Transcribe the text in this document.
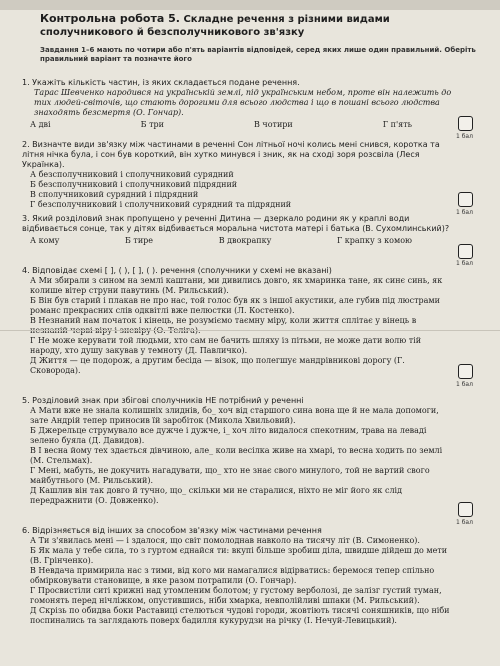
Контрольна робота 5. Складне речення з різними видами сполучникового й безсполучникового зв'язку
Завдання 1–6 мають по чотири або п'ять варіантів відповідей, серед яких лише один правильний. Оберіть правильний варіант та позначте його
1. Укажіть кількість частин, із яких складається подане речення.
Тарас Шевченко народився на українській землі, під українським небом, проте він належить до тих людей-світочів, що стають дорогими для всього людства і що в пошані всього людства знаходять безсмертя (О. Гончар).
А дві	Б три	В чотири	Г п'ять
1 бал
2. Визначте види зв'язку між частинами в реченні Сон літньої ночі колись мені снився, коротка та літня нічка була, і сон був короткий, він хутко минувся і зник, як на сході зоря розсвіла (Леся Українка).
А безсполучниковий і сполучниковий сурядний
Б безсполучниковий і сполучниковий підрядний
В сполучниковий сурядний і підрядний
Г безсполучниковий і сполучниковий сурядний та підрядний
1 бал
3. Який розділовий знак пропущено у реченні Дитина — дзеркало родини як у краплі води відбивається сонце, так у дітях відбивається моральна чистота матері і батька (В. Сухомлинський)?
А кому	Б тире	В двокрапку	Г крапку з комою
1 бал
4. Відповідає схемі [ ], ( ), [ ], ( ). речення (сполучники у схемі не вказані)
А Ми збирали з сином на землі каштани, ми дивились довго, як хмаринка тане, як синє синь, як колише вітер струни павутинь (М. Рильський).
Б Він був старий і плакав не про нас, той голос був як з іншої акустики, але губив під люстрами романс прекрасних слів одквітлі вже пелюстки (Л. Костенко).
В Незнаний нам початок і кінець, не розуміємо таємну мірy, коли життя сплітає у вінець в
Г Не може керувати той людьми, хто сам не бачить шляху із пітьми, не може дати волю тій народу, хто душу закував у темноту (Д. Павличко).
Д Життя — це подорож, а другим бесіда — візок, що полегшує мандрівникові дорогу (Г. Сковорода).
1 бал
5. Розділовий знак при збігові сполучників НЕ потрібний у реченні
А Мати вже не знала колишніх злиднів, бо_ хоч від старшого сина вона ще й не мала допомоги, зате Андрій тепер приносив їй заробіток (Микола Хвильовий).
Б Джерельце струмувало все дужче і дужче, і_ хоч літо видалося спекотним, трава на леваді зелено буяла (Д. Давидов).
В І весна йому тех здається дівчиною, але_ коли весілка живе на хмарі, то весна ходить по землі (М. Стельмах).
Г Мені, мабуть, не докучить нагадувати, що_ хто не знає свого минулого, той не вартий свого майбутнього (М. Рильський).
Д Кашлив він так довго й тучно, що_ скільки ми не старалися, ніхто не міг його як слід передражнити (О. Довженко).
1 бал
6. Відрізняється від інших за способом зв'язку між частинами речення
А Ти з'явилась мені — і здалося, що світ помолоднав навколо на тисячу літ (В. Симоненко).
Б Як мала у тебе сила, то з гуртом єднайся ти: вкупі більше зробиш діла, швидше дійдеш до мети (В. Грінченко).
В Невдача примирила нас з тими, від кого ми намагалися відірватись: беремося тепер спільно обмірковувати становище, в яке разом потрапили (О. Гончар).
Г Просвистіли ситі крижні над утомленим болотом; у густому верболозі, де залізг густий туман, гомонять перед нічліжком, опустившись, ніби хмарка, невполійливі шпаки (М. Рильський).
Д Скрізь по обидва боки Раставиці стелються чудові городи, жовтіють тисячі соняшників, що ніби поспинались та заглядають поверх бадилля кукурудзи на річку (І. Нечуй-Левицький).
